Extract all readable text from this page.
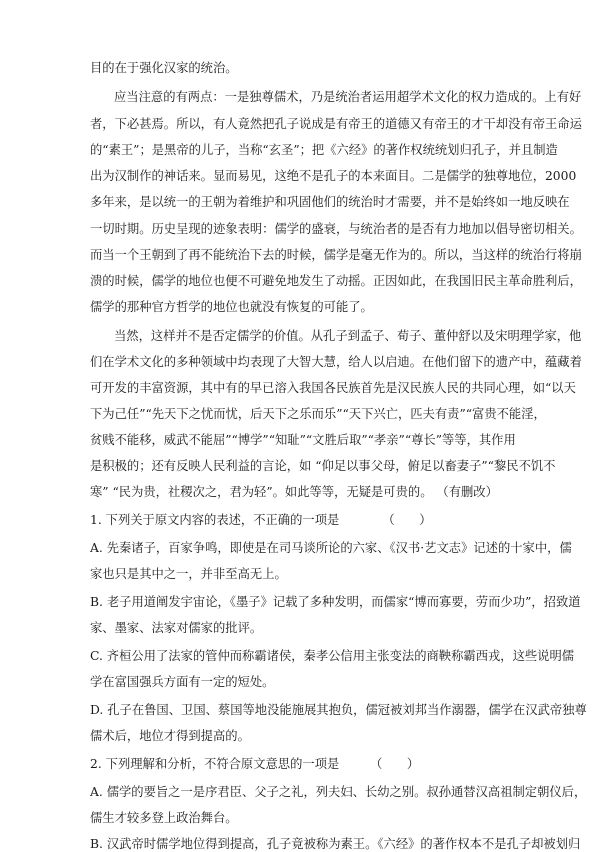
目的在于强化汉家的统治。
应当注意的有两点：一是独尊儒术，乃是统治者运用超学术文化的权力造成的。上有好
者，下必甚焉。所以，有人竟然把孔子说成是有帝王的道德又有帝王的才干却没有帝王命运
的“素王”；是黑帝的儿子，当称“玄圣”；把《六经》的著作权统统划归孔子，并且制造
出为汉制作的神话来。显而易见，这绝不是孔子的本来面目。二是儒学的独尊地位，2000
多年来，是以统一的王朝为着维护和巩固他们的统治时才需要，并不是始终如一地反映在
一切时期。历史呈现的迹象表明：儒学的盛衰，与统治者的是否有力地加以倡导密切相关。
而当一个王朝到了再不能统治下去的时候，儒学是毫无作为的。所以，当这样的统治行将崩
溃的时候，儒学的地位也便不可避免地发生了动摇。正因如此，在我国旧民主革命胜利后，
儒学的那种官方哲学的地位也就没有恢复的可能了。
当然，这样并不是否定儒学的价值。从孔子到孟子、荀子、董仲舒以及宋明理学家，他
们在学术文化的多种领域中均表现了大智大慧，给人以启迪。在他们留下的遗产中，蕴藏着
可开发的丰富资源，其中有的早已溶入我国各民族首先是汉民族人民的共同心理，如“以天
下为己任”“先天下之忧而忧，后天下之乐而乐”“天下兴亡，匹夫有责”“富贵不能淫，
贫贱不能移，威武不能屈”“博学”“知耻”“文胜后取”“孝亲”“尊长”等等，其作用
是积极的；还有反映人民利益的言论，如 “仰足以事父母，俯足以畜妻子”“黎民不饥不
寒” “民为贵，社稷次之，君为轻”。如此等等，无疑是可贵的。 （有删改）
1. 下列关于原文内容的表述，不正确的一项是　　　　（　　）
A. 先秦诸子，百家争鸣，即使是在司马谈所论的六家、《汉书·艺文志》记述的十家中，儒
家也只是其中之一，并非至高无上。
B. 老子用道阐发宇宙论，《墨子》记载了多种发明，而儒家“博而寡要，劳而少功”，招致道
家、墨家、法家对儒家的批评。
C. 齐桓公用了法家的管仲而称霸诸侯，秦孝公信用主张变法的商鞅称霸西戎，这些说明儒
学在富国强兵方面有一定的短处。
D. 孔子在鲁国、卫国、蔡国等地没能施展其抱负，儒冠被刘邦当作溺器，儒学在汉武帝独尊
儒术后，地位才得到提高的。
2. 下列理解和分析，不符合原文意思的一项是　　　（　　）
A. 儒学的要旨之一是序君臣、父子之礼，列夫妇、长幼之别。叔孙通替汉高祖制定朝仪后，
儒生才较多登上政治舞台。
B. 汉武帝时儒学地位得到提高，孔子竟被称为素王。《六经》的著作权本不是孔子却被划归
